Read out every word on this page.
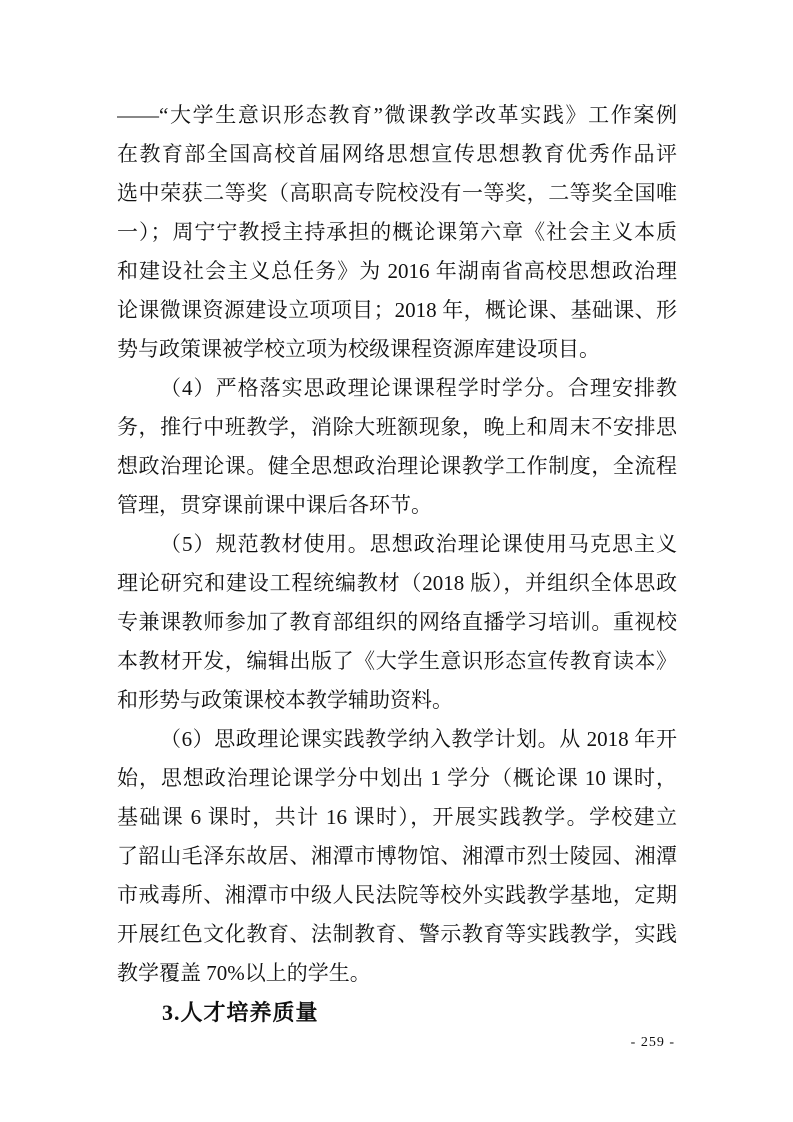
——“大学生意识形态教育”微课教学改革实践》工作案例
在教育部全国高校首届网络思想宣传思想教育优秀作品评
选中荣获二等奖（高职高专院校没有一等奖，二等奖全国唯
一）；周宁宁教授主持承担的概论课第六章《社会主义本质
和建设社会主义总任务》为 2016 年湖南省高校思想政治理
论课微课资源建设立项项目；2018 年，概论课、基础课、形
势与政策课被学校立项为校级课程资源库建设项目。
（4）严格落实思政理论课课程学时学分。合理安排教
务，推行中班教学，消除大班额现象，晚上和周末不安排思
想政治理论课。健全思想政治理论课教学工作制度，全流程
管理，贯穿课前课中课后各环节。
（5）规范教材使用。思想政治理论课使用马克思主义
理论研究和建设工程统编教材（2018 版），并组织全体思政
专兼课教师参加了教育部组织的网络直播学习培训。重视校
本教材开发，编辑出版了《大学生意识形态宣传教育读本》
和形势与政策课校本教学辅助资料。
（6）思政理论课实践教学纳入教学计划。从 2018 年开
始，思想政治理论课学分中划出 1 学分（概论课 10 课时，
基础课 6 课时，共计 16 课时），开展实践教学。学校建立
了韶山毛泽东故居、湘潭市博物馆、湘潭市烈士陵园、湘潭
市戒毒所、湘潭市中级人民法院等校外实践教学基地，定期
开展红色文化教育、法制教育、警示教育等实践教学，实践
教学覆盖 70%以上的学生。
3.人才培养质量
- 259 -
